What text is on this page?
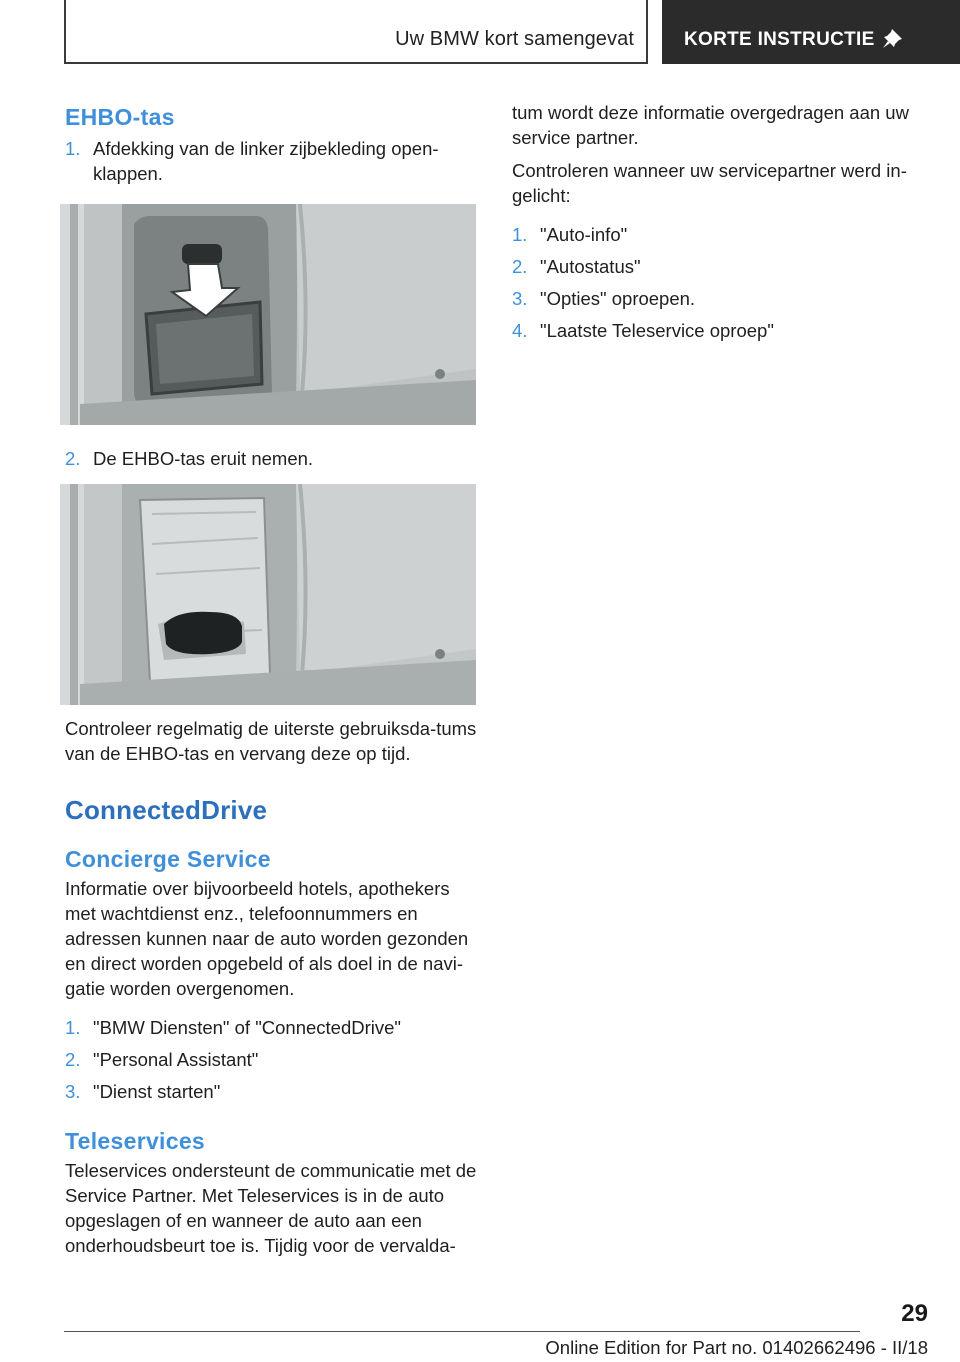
Uw BMW kort samengevat	KORTE INSTRUCTIE
EHBO-tas
1. Afdekking van de linker zijbekleding open-klappen.
2. De EHBO-tas eruit nemen.

Controleer regelmatig de uiterste gebruiksda-tums van de EHBO-tas en vervang deze op tijd.

ConnectedDrive
Concierge Service

Informatie over bijvoorbeeld hotels, apothekers met wachtdienst enz., telefoonnummers en adressen kunnen naar de auto worden gezonden en direct worden opgebeld of als doel in de navi-gatie worden overgenomen.

1. "BMW Diensten" of "ConnectedDrive"
2. "Personal Assistant"
3. "Dienst starten"
Teleservices

Teleservices ondersteunt de communicatie met de Service Partner. Met Teleservices is in de auto opgeslagen of en wanneer de auto aan een onderhoudsbeurt toe is. Tijdig voor de vervalda-

tum wordt deze informatie overgedragen aan uw service partner.

Controleren wanneer uw servicepartner werd in-gelicht:

1. "Auto-info"
2. "Autostatus"
3. "Opties" oproepen.
4. "Laatste Teleservice oproep"
29
Online Edition for Part no. 01402662496 - II/18
